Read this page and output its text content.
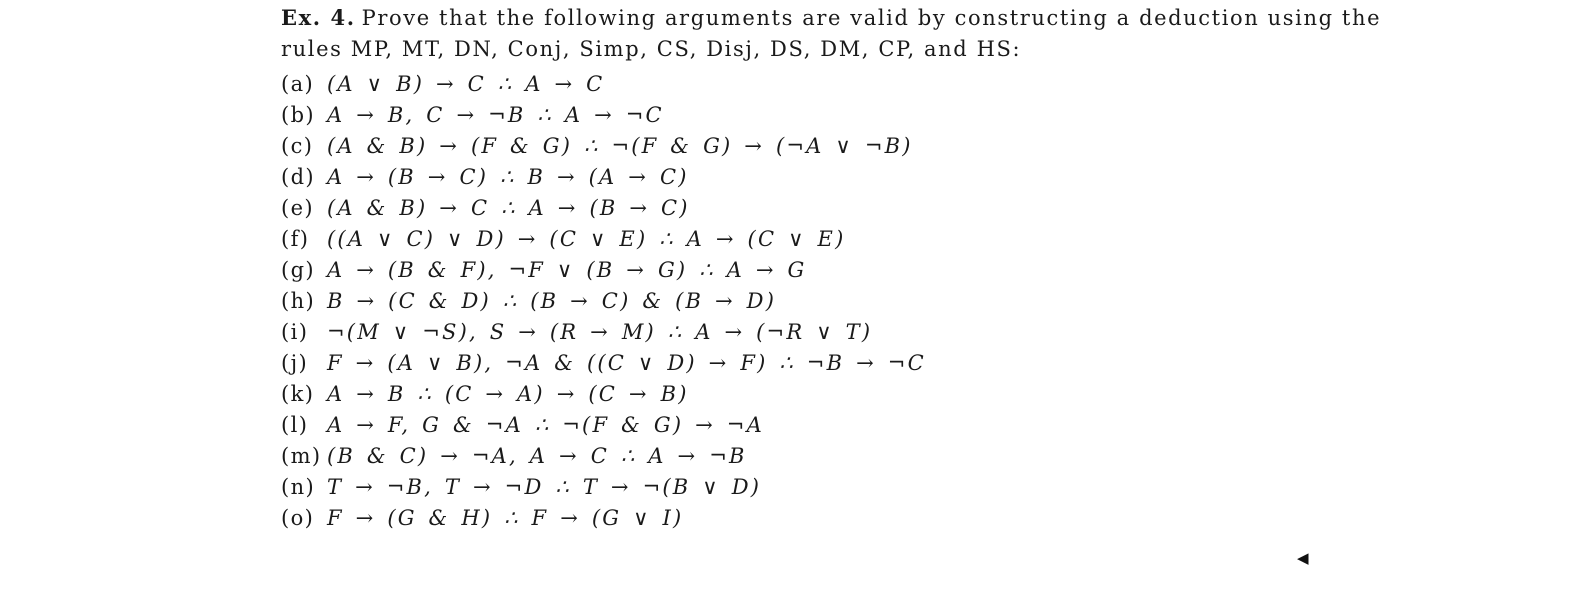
Ex. 4. Prove that the following arguments are valid by constructing a deduction using the
rules MP, MT, DN, Conj, Simp, CS, Disj, DS, DM, CP, and HS:

(a) (A ∨ B) → C ∴ A → C
(b) A → B, C → ¬B ∴ A → ¬C
(c) (A & B) → (F & G) ∴ ¬(F & G) → (¬A ∨ ¬B)
(d) A → (B → C) ∴ B → (A → C)
(e) (A & B) → C ∴ A → (B → C)
(f) ((A ∨ C) ∨ D) → (C ∨ E) ∴ A → (C ∨ E)
(g) A → (B & F), ¬F ∨ (B → G) ∴ A → G
(h) B → (C & D) ∴ (B → C) & (B → D)
(i) ¬(M ∨ ¬S), S → (R → M) ∴ A → (¬R ∨ T)
(j) F → (A ∨ B), ¬A & ((C ∨ D) → F) ∴ ¬B → ¬C
(k) A → B ∴ (C → A) → (C → B)
(l) A → F, G & ¬A ∴ ¬(F & G) → ¬A
(m) (B & C) → ¬A, A → C ∴ A → ¬B
(n) T → ¬B, T → ¬D ∴ T → ¬(B ∨ D)
(o) F → (G & H) ∴ F → (G ∨ I)
◀
